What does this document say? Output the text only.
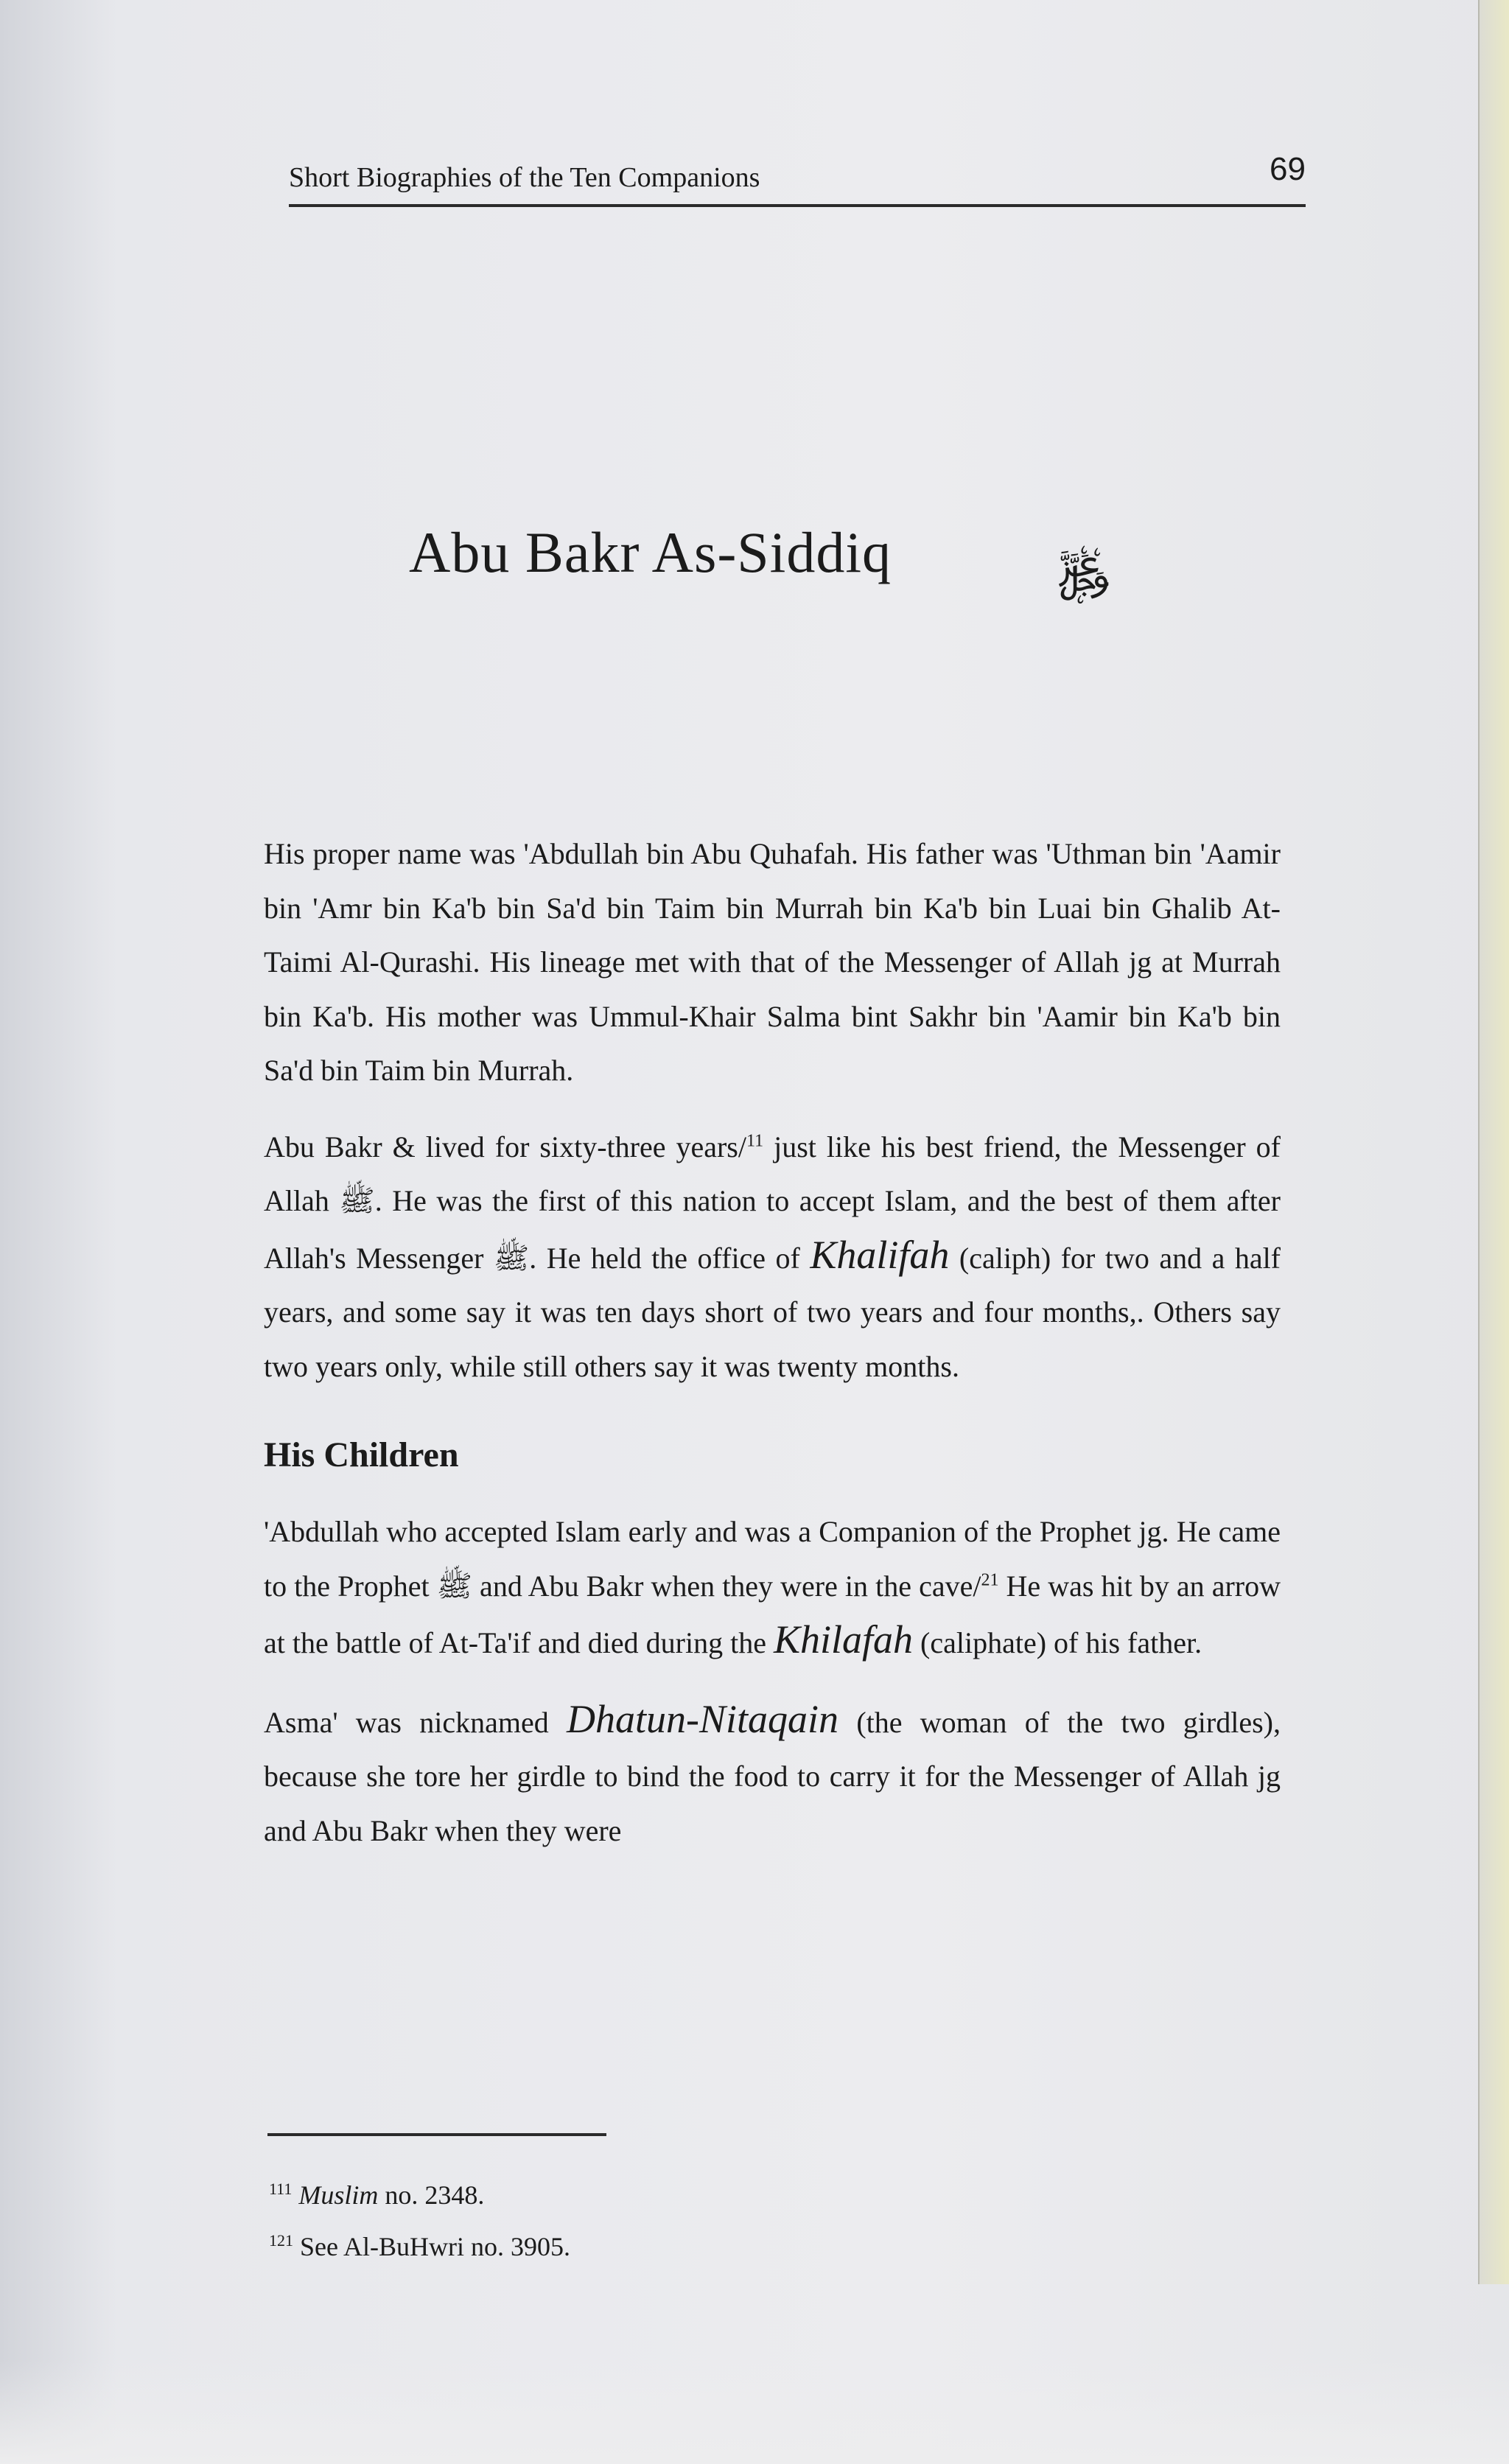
Short Biographies of the Ten Companions	69
Abu Bakr As-Siddiq	﷿

His proper name was 'Abdullah bin Abu Quhafah. His father was 'Uthman bin 'Aamir bin 'Amr bin Ka'b bin Sa'd bin Taim bin Murrah bin Ka'b bin Luai bin Ghalib At-Taimi Al-Qurashi. His lineage met with that of the Messenger of Allah jg at Murrah bin Ka'b. His mother was Ummul-Khair Salma bint Sakhr bin 'Aamir bin Ka'b bin Sa'd bin Taim bin Murrah.

Abu Bakr & lived for sixty-three years/$^{11}$ just like his best friend, the Messenger of Allah ﷺ. He was the first of this nation to accept Islam, and the best of them after Allah's Messenger ﷺ. He held the office of Khalifah (caliph) for two and a half years, and some say it was ten days short of two years and four months,. Others say two years only, while still others say it was twenty months.

His Children

'Abdullah who accepted Islam early and was a Companion of the Prophet jg. He came to the Prophet ﷺ and Abu Bakr when they were in the cave/$^{21}$ He was hit by an arrow at the battle of At-Ta'if and died during the Khilafah (caliphate) of his father.

Asma' was nicknamed Dhatun-Nitaqain (the woman of the two girdles), because she tore her girdle to bind the food to carry it for the Messenger of Allah jg and Abu Bakr when they were

$^{111}$ Muslim no. 2348.
$^{121}$ See Al-BuHwri no. 3905.
